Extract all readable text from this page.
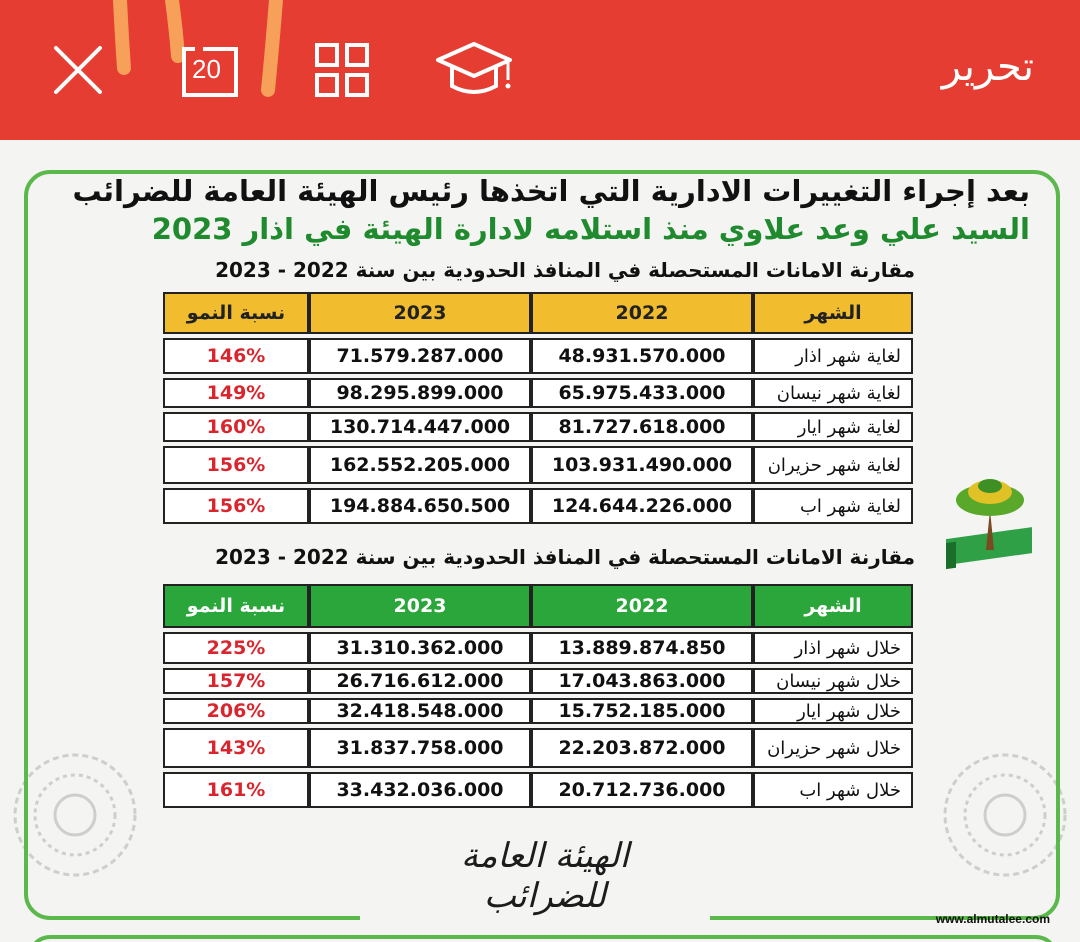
20	تحرير
بعد إجراء التغييرات الادارية التي اتخذها رئيس الهيئة العامة للضرائب
السيد علي وعد علاوي منذ استلامه لادارة الهيئة في اذار 2023
مقارنة الامانات المستحصلة في المنافذ الحدودية بين سنة 2022 - 2023
نسبة النمو	2023	2022	الشهر
146%	71.579.287.000	48.931.570.000	لغاية شهر اذار
149%	98.295.899.000	65.975.433.000	لغاية شهر نيسان
160%	130.714.447.000	81.727.618.000	لغاية شهر ايار
156%	162.552.205.000	103.931.490.000	لغاية شهر حزيران
156%	194.884.650.500	124.644.226.000	لغاية شهر اب
مقارنة الامانات المستحصلة في المنافذ الحدودية بين سنة 2022 - 2023
نسبة النمو	2023	2022	الشهر
225%	31.310.362.000	13.889.874.850	خلال شهر اذار
157%	26.716.612.000	17.043.863.000	خلال شهر نيسان
206%	32.418.548.000	15.752.185.000	خلال شهر ايار
143%	31.837.758.000	22.203.872.000	خلال شهر حزيران
161%	33.432.036.000	20.712.736.000	خلال شهر اب
الهيئة العامة للضرائب
www.almutalee.com
